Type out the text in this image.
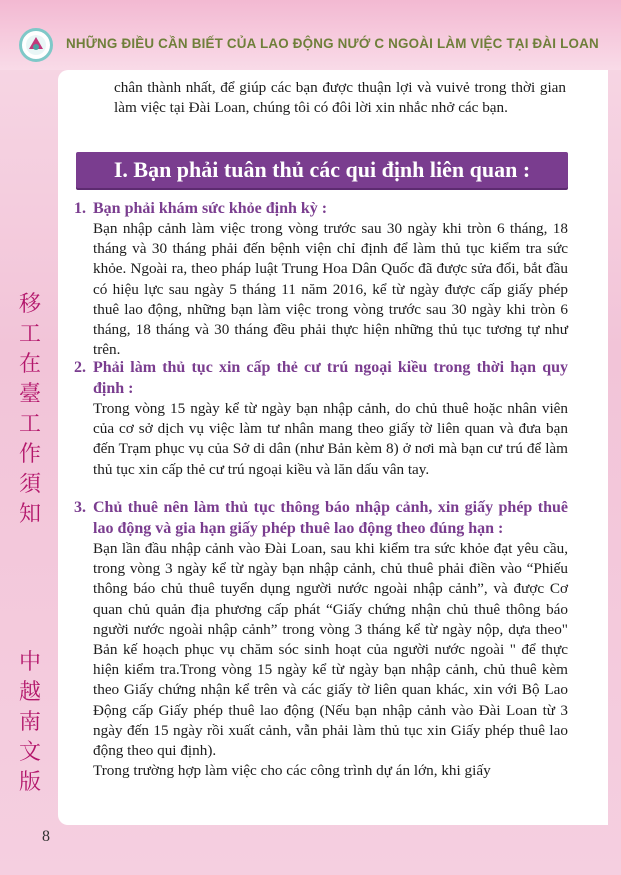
NHỮNG ĐIỀU CẦN BIẾT CỦA LAO ĐỘNG NƯỚ C NGOÀI LÀM VIỆC TẠI ĐÀI LOAN
移
工
在
臺
工
作
須
知
中
越
南
文
版
chân thành nhất, để giúp các bạn được thuận lợi và vuivẻ trong thời gian làm việc tại Đài Loan, chúng tôi có đôi lời xin nhắc nhở các bạn.
I. Bạn phải tuân thủ các qui định liên quan :
1. Bạn phải khám sức khỏe định kỳ :
Bạn nhập cảnh làm việc trong vòng trước sau 30 ngày khi tròn 6 tháng, 18 tháng và 30 tháng phải đến bệnh viện chỉ định để làm thủ tục kiểm tra sức khỏe. Ngoài ra, theo pháp luật Trung Hoa Dân Quốc đã được sửa đổi, bắt đầu có hiệu lực sau ngày 5 tháng 11 năm 2016, kể từ ngày được cấp giấy phép thuê lao động, những bạn làm việc trong vòng trước sau 30 ngày khi tròn 6 tháng, 18 tháng và 30 tháng đều phải thực hiện những thủ tục tương tự như trên.
2. Phải làm thủ tục xin cấp thẻ cư trú ngoại kiều trong thời hạn quy định :
Trong vòng 15 ngày kể từ ngày bạn nhập cảnh, do chủ thuê hoặc nhân viên của cơ sở dịch vụ việc làm tư nhân mang theo giấy tờ liên quan và đưa bạn đến Trạm phục vụ của Sở di dân (như Bản kèm 8) ở nơi mà bạn cư trú để làm thủ tục xin cấp thẻ cư trú ngoại kiều và lăn dấu vân tay.
3. Chủ thuê nên làm thủ tục thông báo nhập cảnh, xin giấy phép thuê lao động và gia hạn giấy phép thuê lao động theo đúng hạn :

Bạn lần đầu nhập cảnh vào Đài Loan, sau khi kiểm tra sức khỏe đạt yêu cầu, trong vòng 3 ngày kể từ ngày bạn nhập cảnh, chủ thuê phải điền vào “Phiếu thông báo chủ thuê tuyển dụng người nước ngoài nhập cảnh”, và được Cơ quan chủ quản địa phương cấp phát “Giấy chứng nhận chủ thuê thông báo người nước ngoài nhập cảnh” trong vòng 3 tháng kể từ ngày nộp, dựa theo" Bản kế hoạch phục vụ chăm sóc sinh hoạt của người nước ngoài " để thực hiện kiểm tra.Trong vòng 15 ngày kể từ ngày bạn nhập cảnh, chủ thuê kèm theo Giấy chứng nhận kể trên và các giấy tờ liên quan khác, xin với Bộ Lao Động cấp Giấy phép thuê lao động (Nếu bạn nhập cảnh vào Đài Loan từ 3 ngày đến 15 ngày rồi xuất cảnh, vẫn phải làm thủ tục xin Giấy phép thuê lao động theo qui định).

Trong trường hợp làm việc cho các công trình dự án lớn, khi giấy

8
